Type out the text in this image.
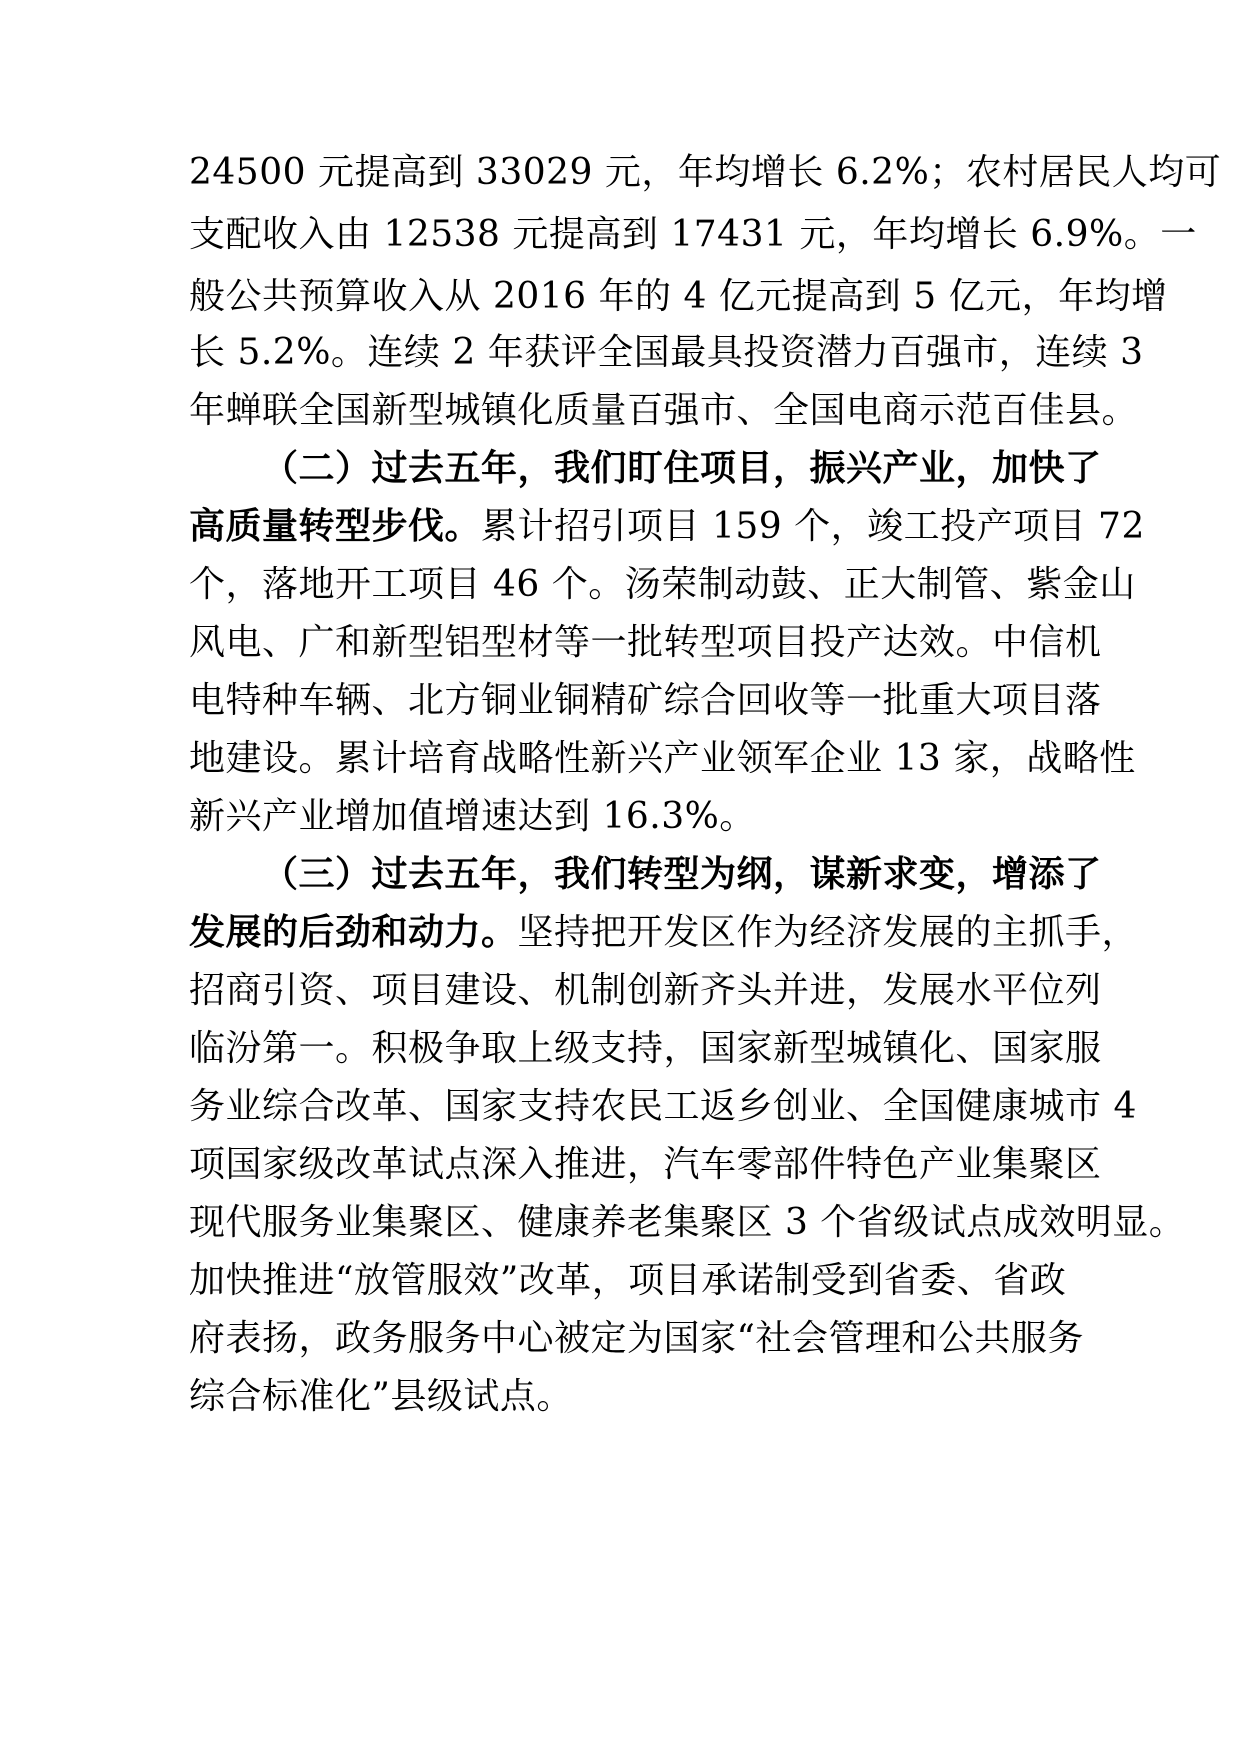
24500 元提高到 33029 元，年均增长 6.2%；农村居民人均可
支配收入由 12538 元提高到 17431 元，年均增长 6.9%。一
般公共预算收入从 2016 年的 4 亿元提高到 5 亿元，年均增
长 5.2%。连续 2 年获评全国最具投资潜力百强市，连续 3
年蝉联全国新型城镇化质量百强市、全国电商示范百佳县。
（二）过去五年，我们盯住项目，振兴产业，加快了
高质量转型步伐。累计招引项目 159 个，竣工投产项目 72
个，落地开工项目 46 个。汤荣制动鼓、正大制管、紫金山
风电、广和新型铝型材等一批转型项目投产达效。中信机
电特种车辆、北方铜业铜精矿综合回收等一批重大项目落
地建设。累计培育战略性新兴产业领军企业 13 家，战略性
新兴产业增加值增速达到 16.3%。
（三）过去五年，我们转型为纲，谋新求变，增添了
发展的后劲和动力。坚持把开发区作为经济发展的主抓手，
招商引资、项目建设、机制创新齐头并进，发展水平位列
临汾第一。积极争取上级支持，国家新型城镇化、国家服
务业综合改革、国家支持农民工返乡创业、全国健康城市 4
项国家级改革试点深入推进，汽车零部件特色产业集聚区
现代服务业集聚区、健康养老集聚区 3 个省级试点成效明显。
加快推进“放管服效”改革，项目承诺制受到省委、省政
府表扬，政务服务中心被定为国家“社会管理和公共服务
综合标准化”县级试点。
